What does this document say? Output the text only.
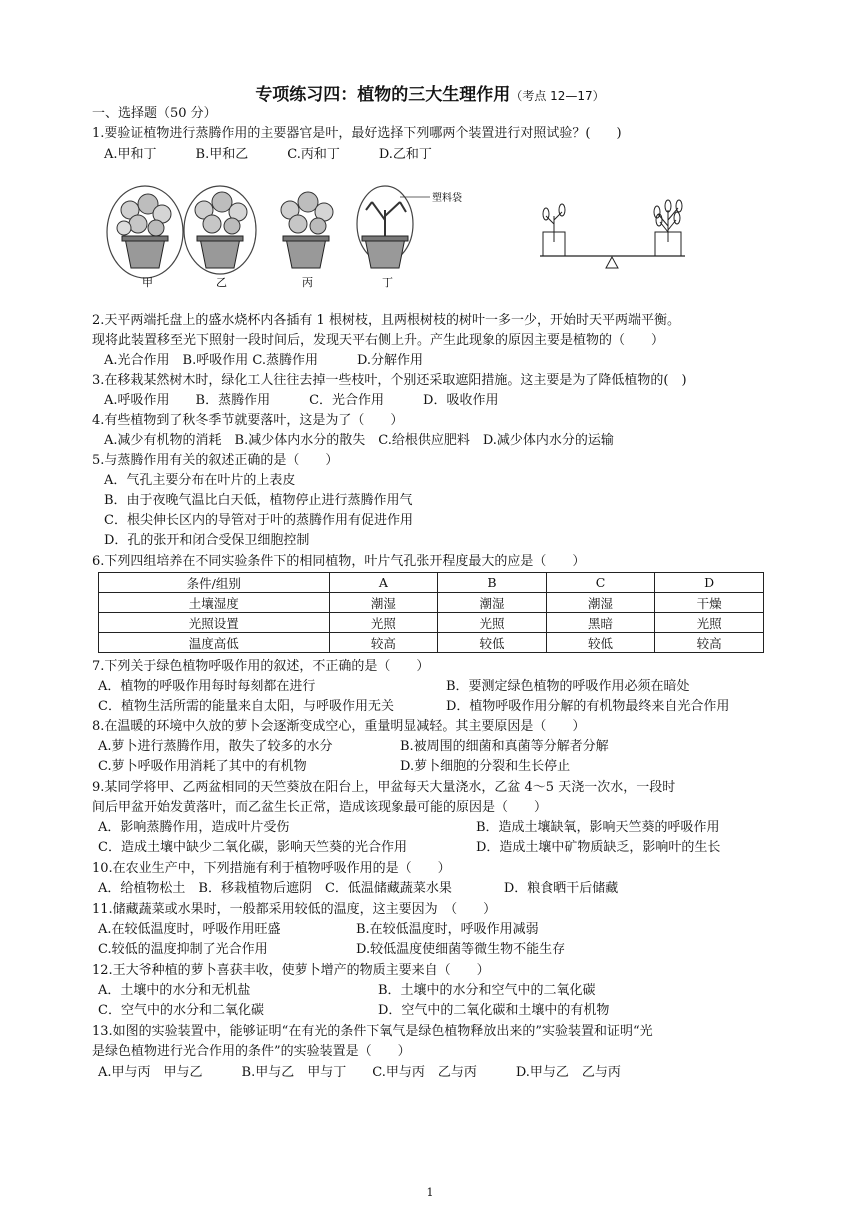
专项练习四：植物的三大生理作用（考点 12—17）
一、选择题（50 分）
1.要验证植物进行蒸腾作用的主要器官是叶，最好选择下列哪两个装置进行对照试验？(　　)
A.甲和丁　　　B.甲和乙　　　C.丙和丁　　　D.乙和丁
甲	乙	丙
塑料袋
丁
2.天平两端托盘上的盛水烧杯内各插有 1 根树枝，且两根树枝的树叶一多一少，开始时天平两端平衡。
现将此装置移至光下照射一段时间后，发现天平右侧上升。产生此现象的原因主要是植物的（　　）
A.光合作用　B.呼吸作用 C.蒸腾作用　　　D.分解作用
3.在移栽某然树木时，绿化工人往往去掉一些枝叶，个别还采取遮阳措施。这主要是为了降低植物的(　)
A.呼吸作用　　B．蒸腾作用　　　C．光合作用　　　D．吸收作用
4.有些植物到了秋冬季节就要落叶，这是为了（　　）
A.减少有机物的消耗　B.减少体内水分的散失　C.给根供应肥料　D.减少体内水分的运输
5.与蒸腾作用有关的叙述正确的是（　　）
A．气孔主要分布在叶片的上表皮
B．由于夜晚气温比白天低，植物停止进行蒸腾作用气
C．根尖伸长区内的导管对于叶的蒸腾作用有促进作用
D．孔的张开和闭合受保卫细胞控制
6.下列四组培养在不同实验条件下的相同植物，叶片气孔张开程度最大的应是（　　）
条件/组别	A	B	C	D
土壤湿度	潮湿	潮湿	潮湿	干燥
光照设置	光照	光照	黑暗	光照
温度高低	较高	较低	较低	较高
7.下列关于绿色植物呼吸作用的叙述，不正确的是（　　）
A．植物的呼吸作用每时每刻都在进行	B．要测定绿色植物的呼吸作用必须在暗处
C．植物生活所需的能量来自太阳，与呼吸作用无关	D．植物呼吸作用分解的有机物最终来自光合作用
8.在温暖的环境中久放的萝卜会逐渐变成空心，重量明显减轻。其主要原因是（　　）
A.萝卜进行蒸腾作用，散失了较多的水分	B.被周围的细菌和真菌等分解者分解
C.萝卜呼吸作用消耗了其中的有机物	D.萝卜细胞的分裂和生长停止
9.某同学将甲、乙两盆相同的天竺葵放在阳台上，甲盆每天大量浇水，乙盆 4～5 天浇一次水，一段时
间后甲盆开始发黄落叶，而乙盆生长正常，造成该现象最可能的原因是（　　）
A．影响蒸腾作用，造成叶片受伤	B．造成土壤缺氧，影响天竺葵的呼吸作用
C．造成土壤中缺少二氧化碳，影响天竺葵的光合作用	D．造成土壤中矿物质缺乏，影响叶的生长
10.在农业生产中，下列措施有利于植物呼吸作用的是（　　）
A．给植物松土　B．移栽植物后遮阴　C．低温储藏蔬菜水果　　　　D．粮食晒干后储藏
11.储藏蔬菜或水果时，一般都采用较低的温度，这主要因为　（　　）
A.在较低温度时，呼吸作用旺盛	B.在较低温度时，呼吸作用减弱
C.较低的温度抑制了光合作用	D.较低温度使细菌等微生物不能生存
12.王大爷种植的萝卜喜获丰收，使萝卜增产的物质主要来自（　　）
A．土壤中的水分和无机盐	B．土壤中的水分和空气中的二氧化碳
C．空气中的水分和二氧化碳	D．空气中的二氧化碳和土壤中的有机物
13.如图的实验装置中，能够证明“在有光的条件下氧气是绿色植物释放出来的”实验装置和证明“光
是绿色植物进行光合作用的条件”的实验装置是（　　）
A.甲与丙　甲与乙　　　B.甲与乙　甲与丁　　C.甲与丙　乙与丙　　　D.甲与乙　乙与丙
1
